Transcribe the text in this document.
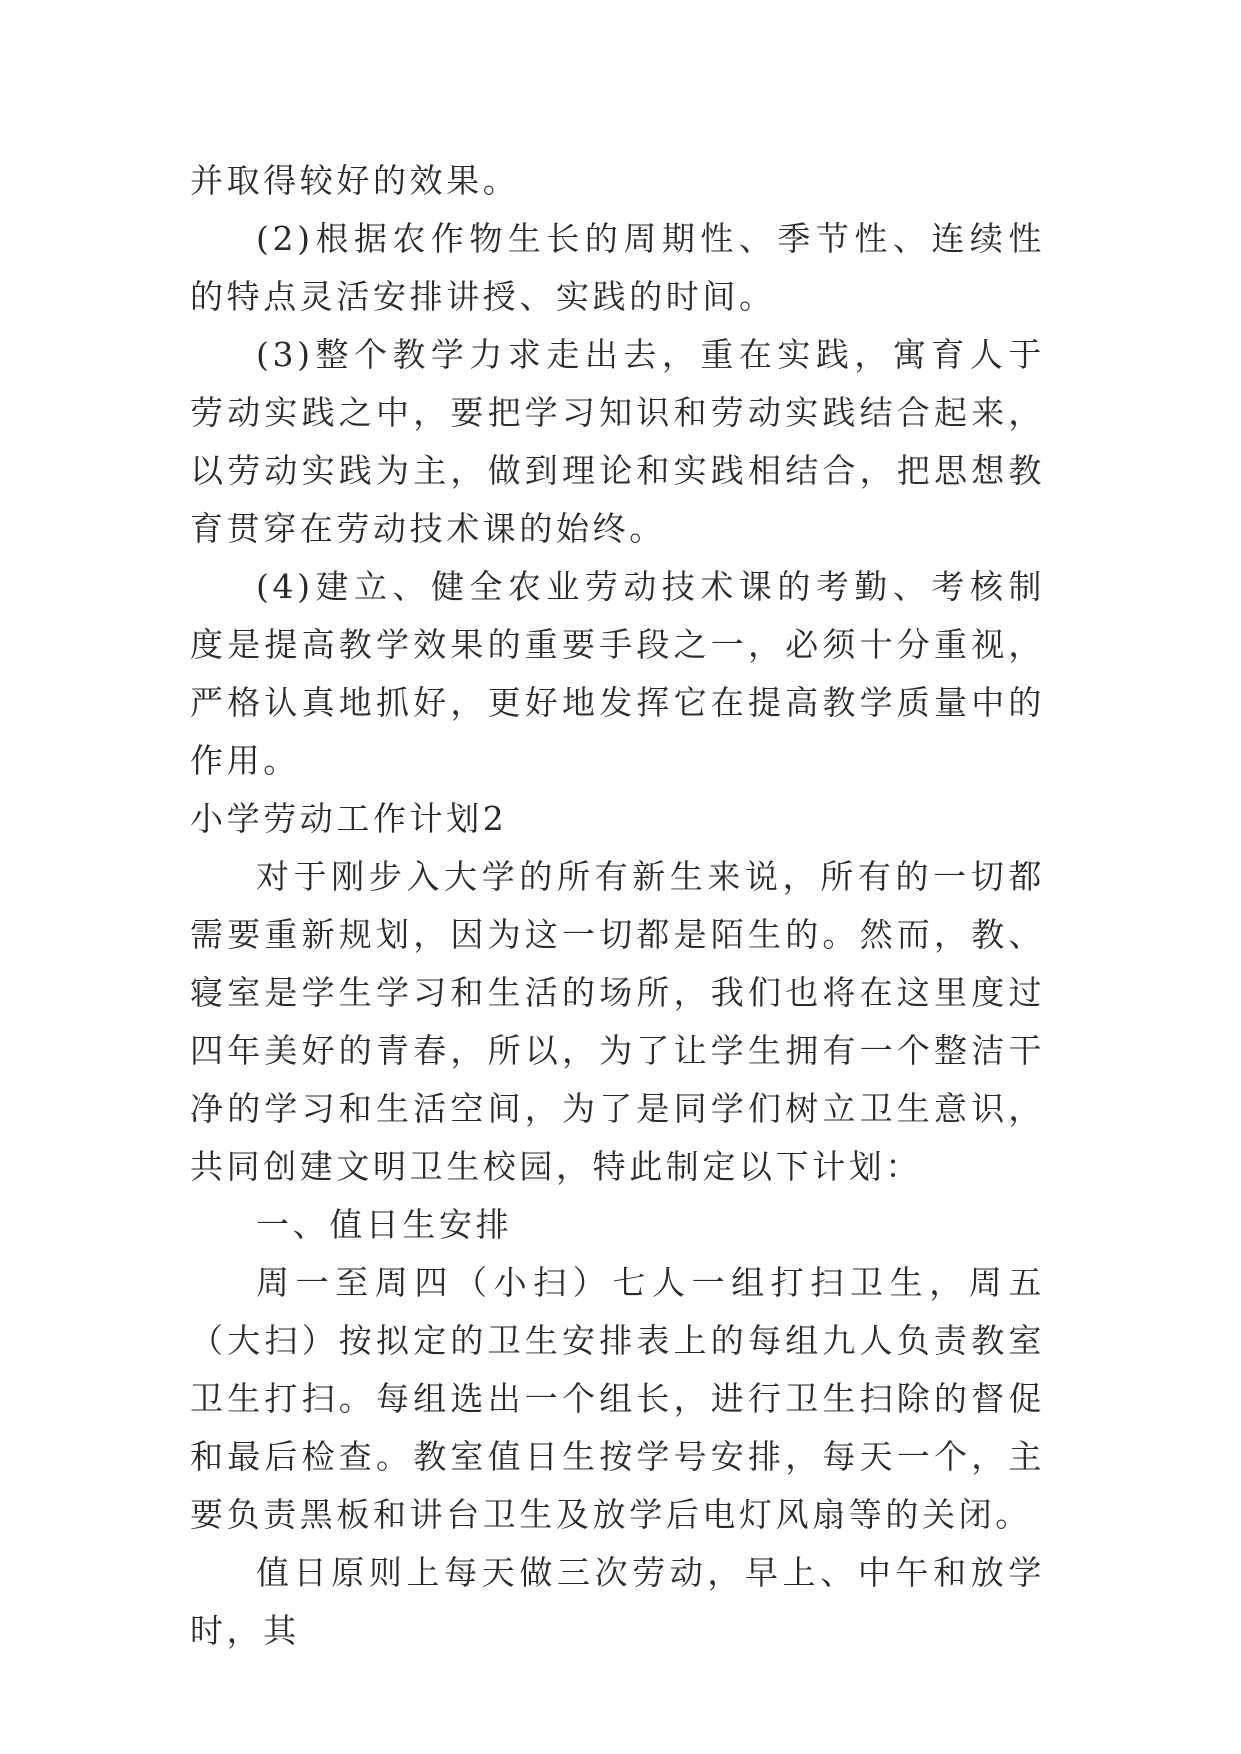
并取得较好的效果。

(2)根据农作物生长的周期性、季节性、连续性的特点灵活安排讲授、实践的时间。

(3)整个教学力求走出去，重在实践，寓育人于劳动实践之中，要把学习知识和劳动实践结合起来，以劳动实践为主，做到理论和实践相结合，把思想教育贯穿在劳动技术课的始终。

(4)建立、健全农业劳动技术课的考勤、考核制度是提高教学效果的重要手段之一，必须十分重视，严格认真地抓好，更好地发挥它在提高教学质量中的作用。

小学劳动工作计划2

对于刚步入大学的所有新生来说，所有的一切都需要重新规划，因为这一切都是陌生的。然而，教、寝室是学生学习和生活的场所，我们也将在这里度过四年美好的青春，所以，为了让学生拥有一个整洁干净的学习和生活空间，为了是同学们树立卫生意识，共同创建文明卫生校园，特此制定以下计划：

一、值日生安排

周一至周四（小扫）七人一组打扫卫生，周五（大扫）按拟定的卫生安排表上的每组九人负责教室卫生打扫。每组选出一个组长，进行卫生扫除的督促和最后检查。教室值日生按学号安排，每天一个，主要负责黑板和讲台卫生及放学后电灯风扇等的关闭。

值日原则上每天做三次劳动，早上、中午和放学时，其
